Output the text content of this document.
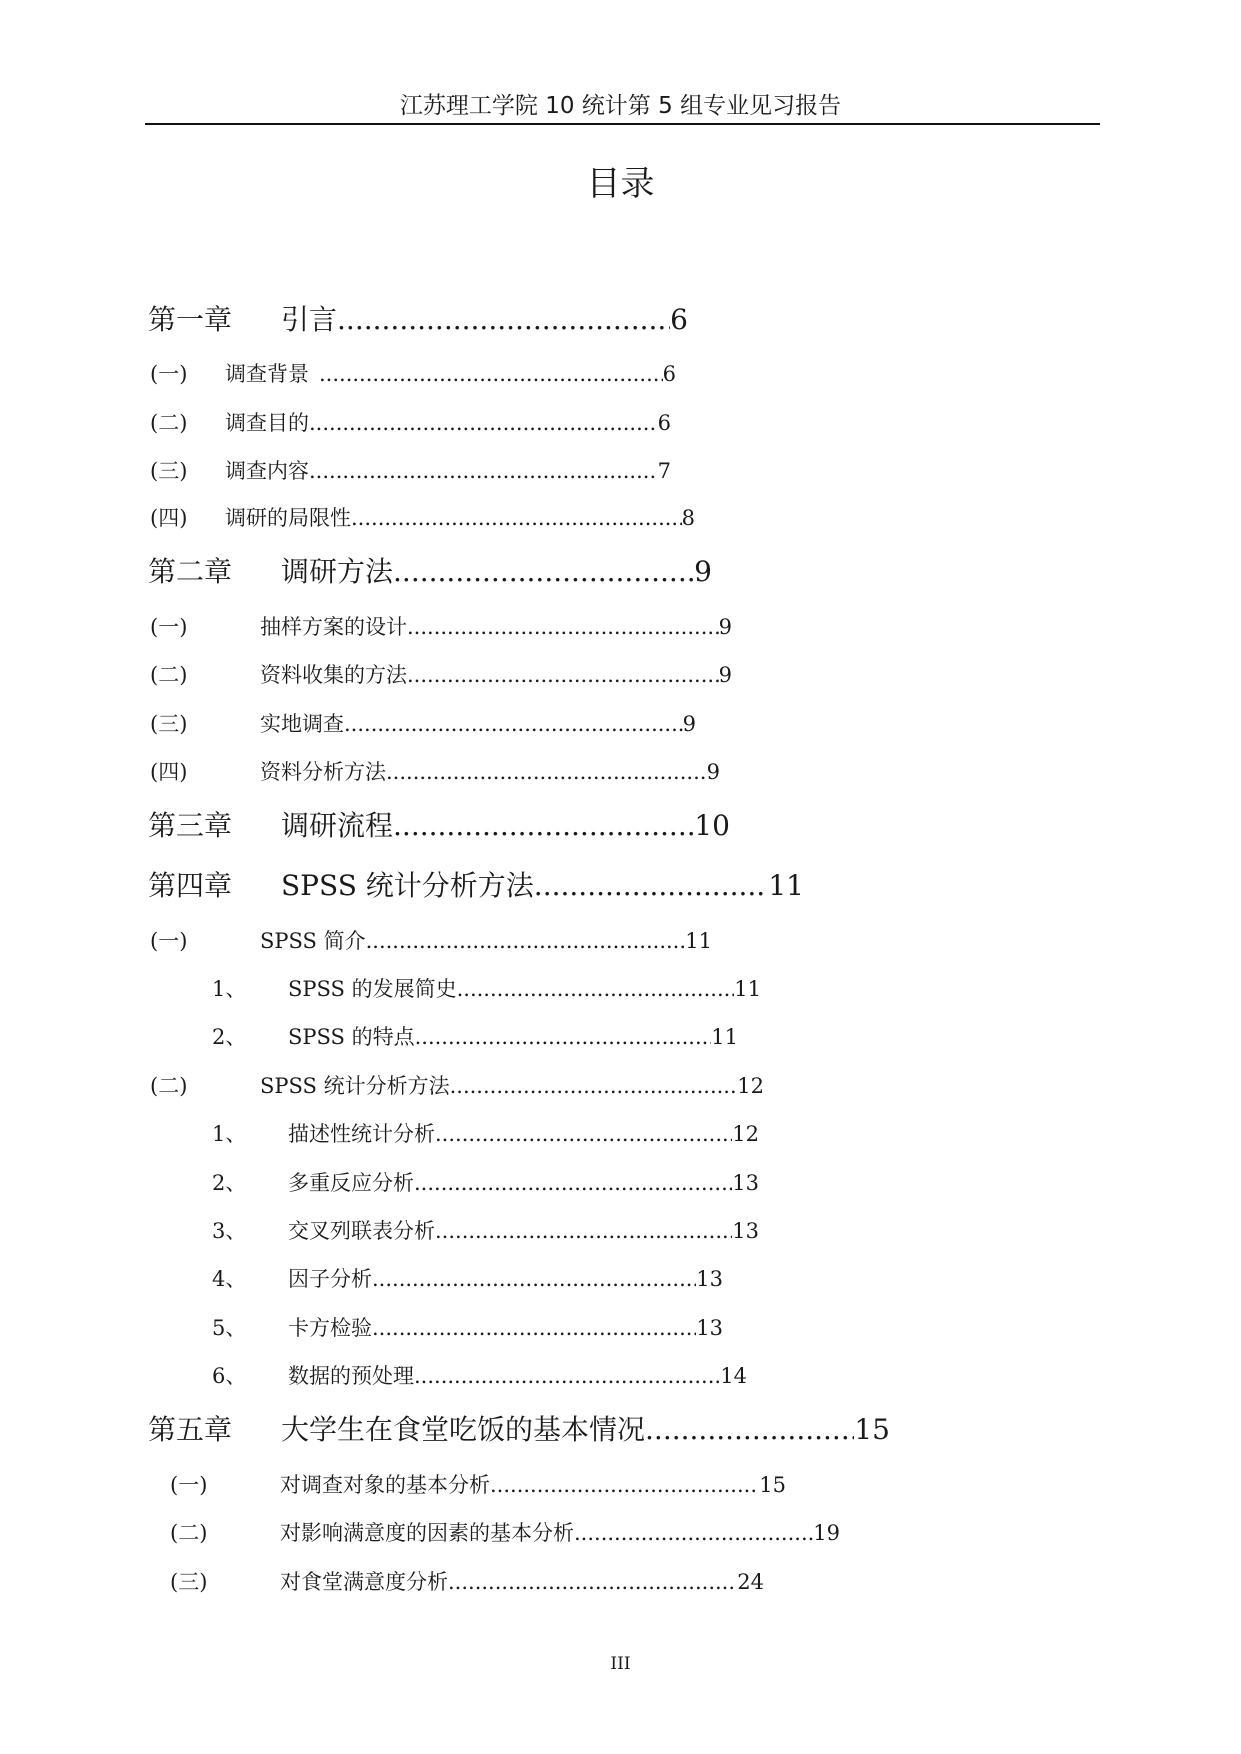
江苏理工学院 10 统计第 5 组专业见习报告
目录
第一章	引言 .....	6
(一)	调查背景 .....	6
(二)	调查目的 .....	6
(三)	调查内容 .....	7
(四)	调研的局限性 .....	8
第二章	调研方法 .....	9
(一)	抽样方案的设计 .....	9
(二)	资料收集的方法 .....	9
(三)	实地调查 .....	9
(四)	资料分析方法 .....	9
第三章	调研流程 .....	10
第四章	SPSS 统计分析方法 .....	11
(一)	SPSS 简介 .....	11
1、	SPSS 的发展简史 .....	11
2、	SPSS 的特点 .....	11
(二)	SPSS 统计分析方法 .....	12
1、	描述性统计分析 .....	12
2、	多重反应分析 .....	13
3、	交叉列联表分析 .....	13
4、	因子分析 .....	13
5、	卡方检验 .....	13
6、	数据的预处理 .....	14
第五章	大学生在食堂吃饭的基本情况 .....	15
(一)	对调查对象的基本分析 .....	15
(二)	对影响满意度的因素的基本分析 .....	19
(三)	对食堂满意度分析 .....	24
III
